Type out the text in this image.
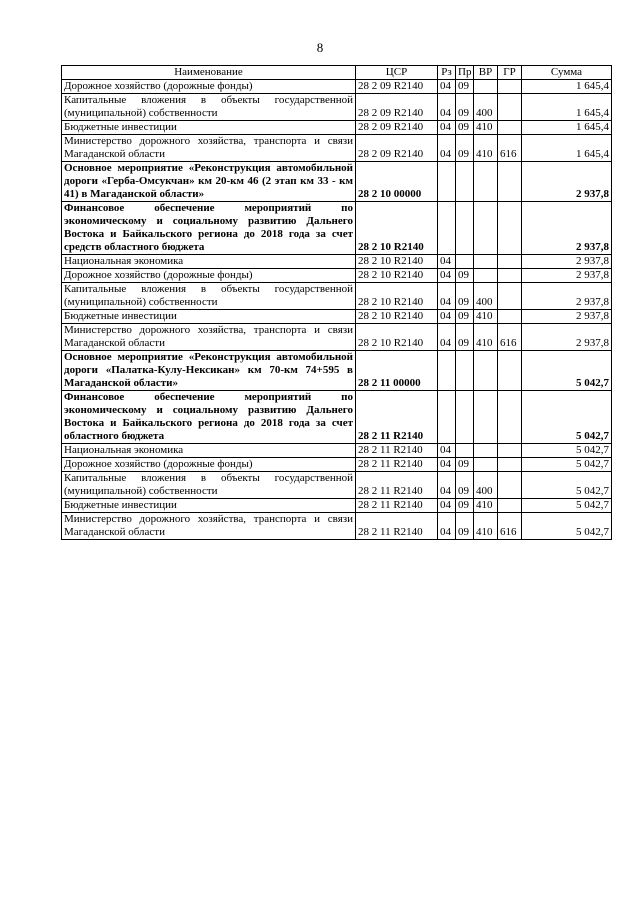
8
Наименование	ЦСР	Рз	Пр	ВР	ГР	Сумма
Дорожное хозяйство (дорожные фонды)	28 2 09 R2140	04	09			1 645,4
Капитальные вложения в объекты государственной (муниципальной) собственности	28 2 09 R2140	04	09	400		1 645,4
Бюджетные инвестиции	28 2 09 R2140	04	09	410		1 645,4
Министерство дорожного хозяйства, транспорта и связи Магаданской области	28 2 09 R2140	04	09	410	616	1 645,4
Основное мероприятие «Реконструкция автомобильной дороги «Герба-Омсукчан» км 20-км 46 (2 этап км 33 - км 41) в Магаданской области»	28 2 10 00000					2 937,8
Финансовое обеспечение мероприятий по экономическому и социальному развитию Дальнего Востока и Байкальского региона до 2018 года за счет средств областного бюджета	28 2 10 R2140					2 937,8
Национальная экономика	28 2 10 R2140	04				2 937,8
Дорожное хозяйство (дорожные фонды)	28 2 10 R2140	04	09			2 937,8
Капитальные вложения в объекты государственной (муниципальной) собственности	28 2 10 R2140	04	09	400		2 937,8
Бюджетные инвестиции	28 2 10 R2140	04	09	410		2 937,8
Министерство дорожного хозяйства, транспорта и связи Магаданской области	28 2 10 R2140	04	09	410	616	2 937,8
Основное мероприятие «Реконструкция автомобильной дороги «Палатка-Кулу-Нексикан» км 70-км 74+595 в Магаданской области»	28 2 11 00000					5 042,7
Финансовое обеспечение мероприятий по экономическому и социальному развитию Дальнего Востока и Байкальского региона до 2018 года за счет областного бюджета	28 2 11 R2140					5 042,7
Национальная экономика	28 2 11 R2140	04				5 042,7
Дорожное хозяйство (дорожные фонды)	28 2 11 R2140	04	09			5 042,7
Капитальные вложения в объекты государственной (муниципальной) собственности	28 2 11 R2140	04	09	400		5 042,7
Бюджетные инвестиции	28 2 11 R2140	04	09	410		5 042,7
Министерство дорожного хозяйства, транспорта и связи Магаданской области	28 2 11 R2140	04	09	410	616	5 042,7
